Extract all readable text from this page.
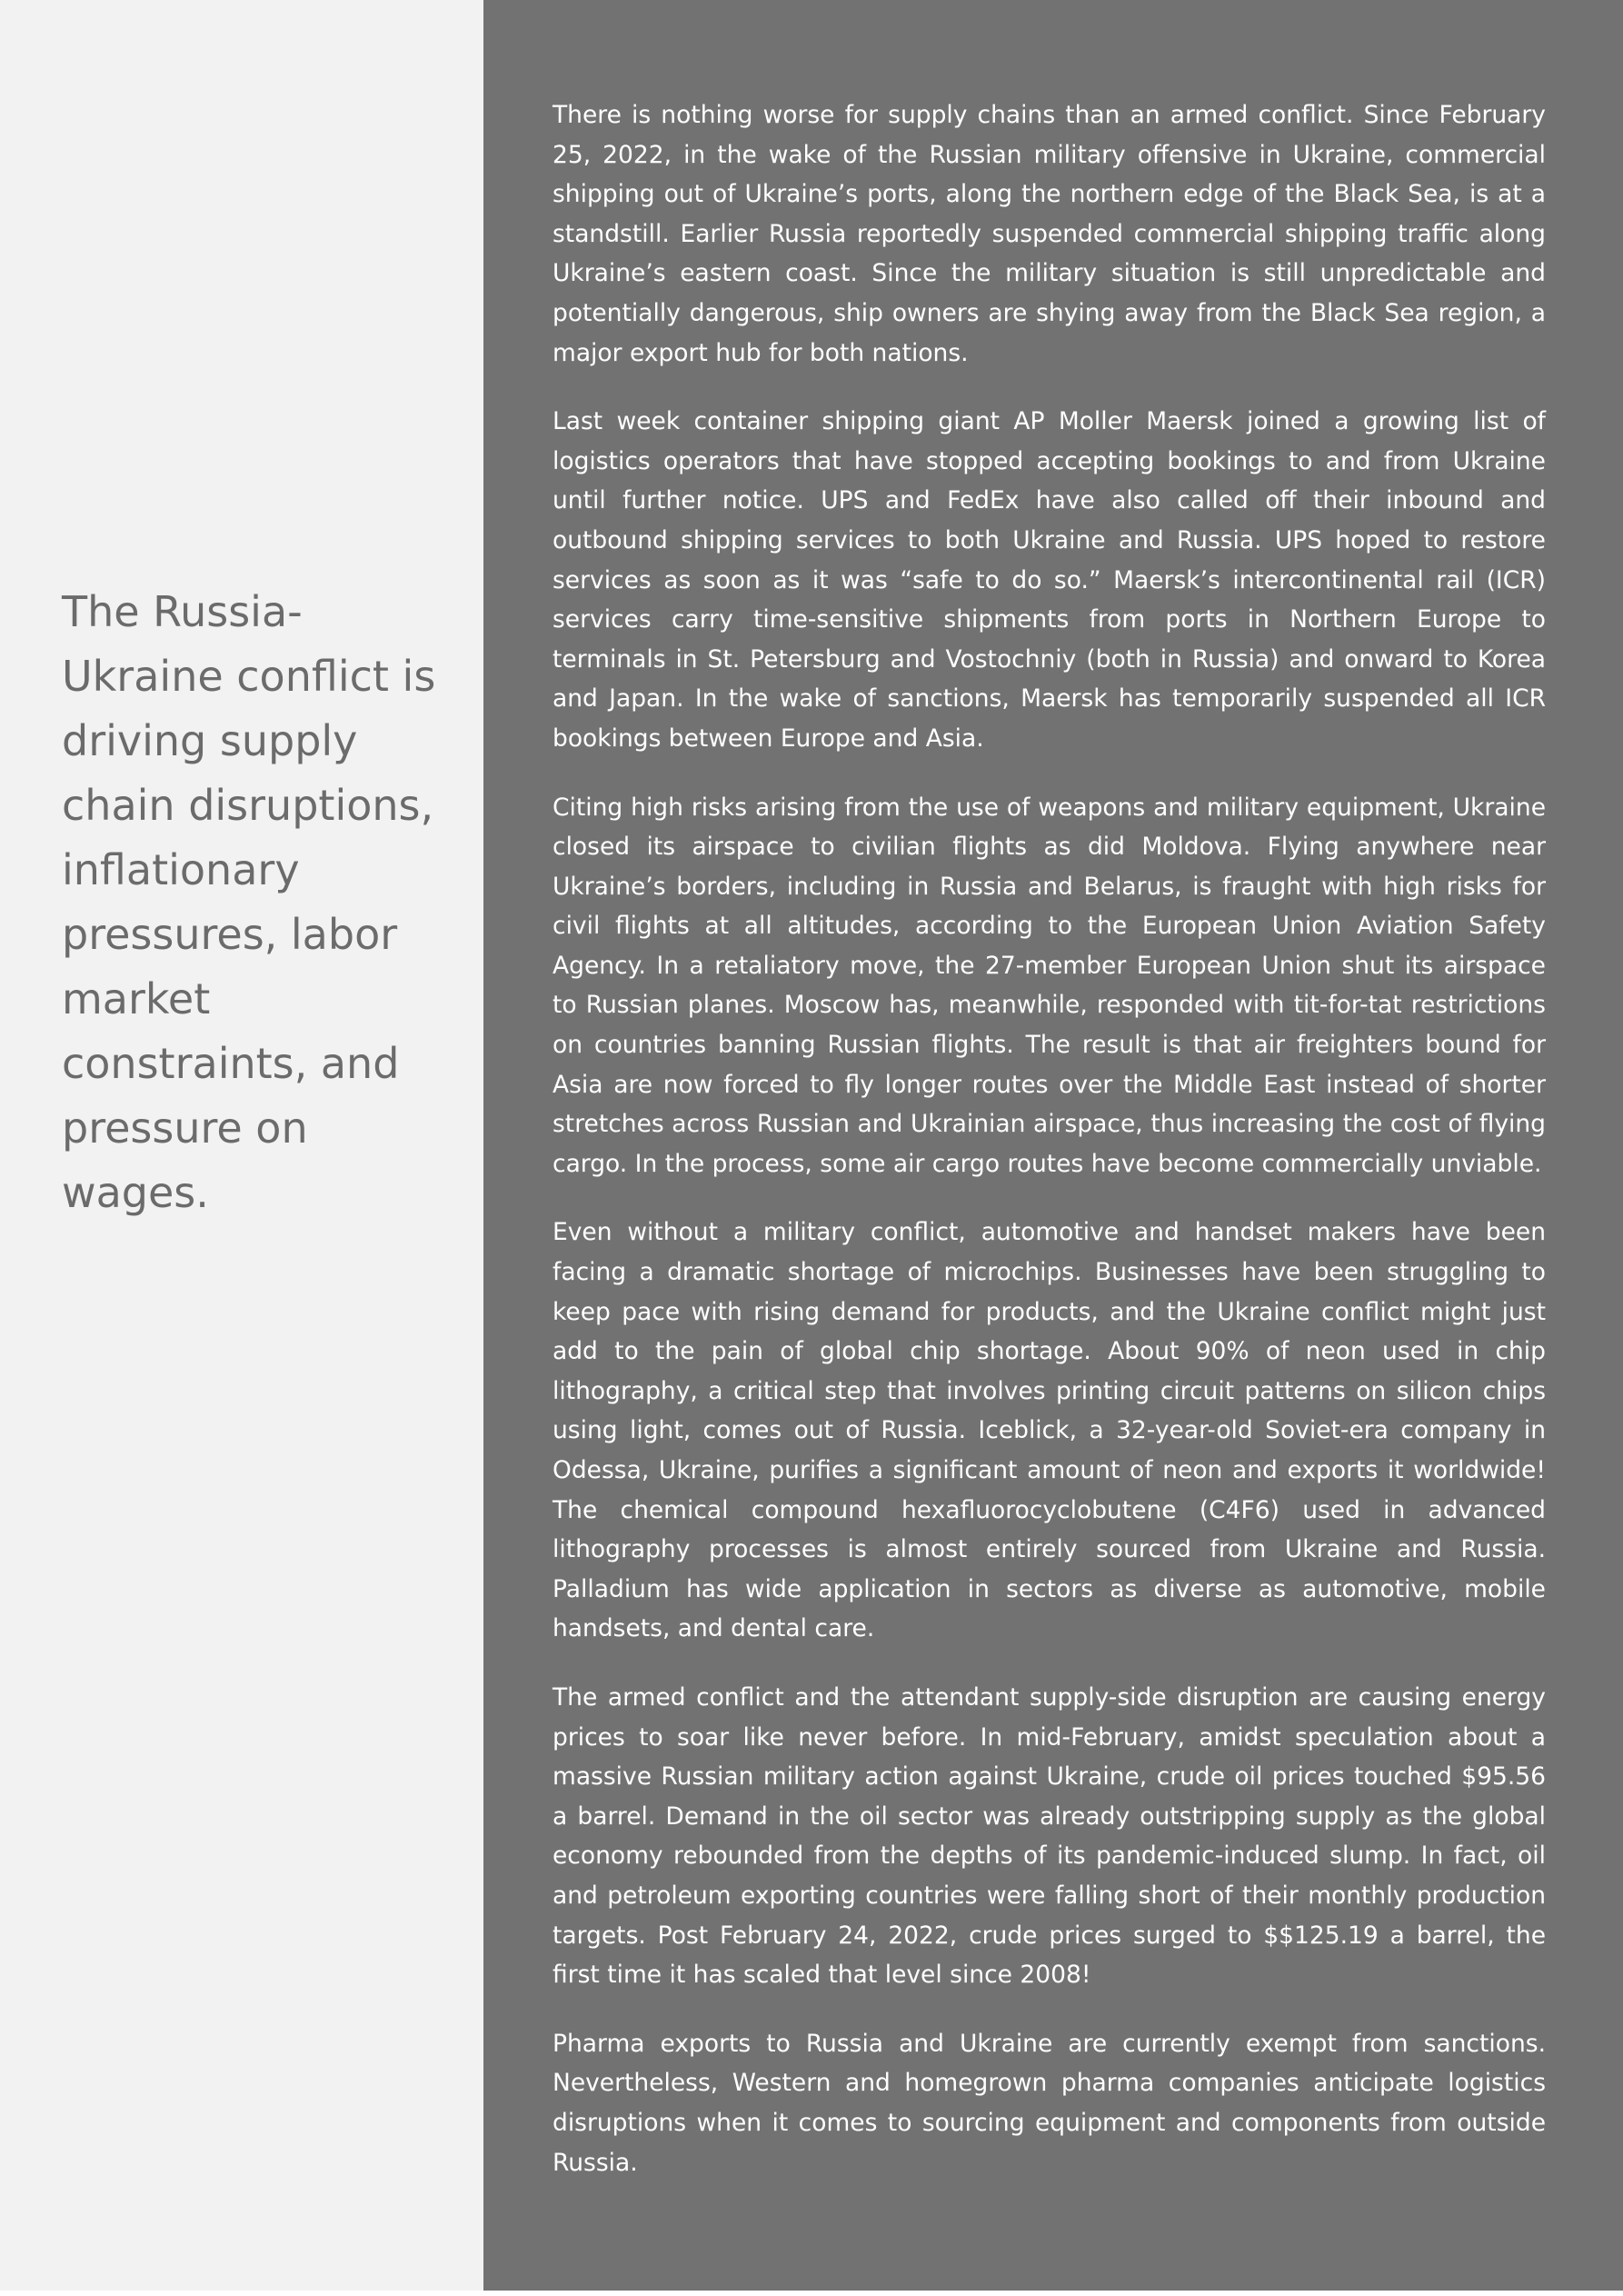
The Russia-Ukraine conflict is driving supply chain disruptions, inflationary pressures, labor market constraints, and pressure on wages.

There is nothing worse for supply chains than an armed conflict. Since February 25, 2022, in the wake of the Russian military offensive in Ukraine, commercial shipping out of Ukraine’s ports, along the northern edge of the Black Sea, is at a standstill. Earlier Russia reportedly suspended commercial shipping traffic along Ukraine’s eastern coast. Since the military situation is still unpredictable and potentially dangerous, ship owners are shying away from the Black Sea region, a major export hub for both nations.

Last week container shipping giant AP Moller Maersk joined a growing list of logistics operators that have stopped accepting bookings to and from Ukraine until further notice. UPS and FedEx have also called off their inbound and outbound shipping services to both Ukraine and Russia. UPS hoped to restore services as soon as it was “safe to do so.” Maersk’s intercontinental rail (ICR) services carry time-sensitive shipments from ports in Northern Europe to terminals in St. Petersburg and Vostochniy (both in Russia) and onward to Korea and Japan. In the wake of sanctions, Maersk has temporarily suspended all ICR bookings between Europe and Asia.

Citing high risks arising from the use of weapons and military equipment, Ukraine closed its airspace to civilian flights as did Moldova. Flying anywhere near Ukraine’s borders, including in Russia and Belarus, is fraught with high risks for civil flights at all altitudes, according to the European Union Aviation Safety Agency. In a retaliatory move, the 27-member European Union shut its airspace to Russian planes. Moscow has, meanwhile, responded with tit-for-tat restrictions on countries banning Russian flights. The result is that air freighters bound for Asia are now forced to fly longer routes over the Middle East instead of shorter stretches across Russian and Ukrainian airspace, thus increasing the cost of flying cargo. In the process, some air cargo routes have become commercially unviable.

Even without a military conflict, automotive and handset makers have been facing a dramatic shortage of microchips. Businesses have been struggling to keep pace with rising demand for products, and the Ukraine conflict might just add to the pain of global chip shortage. About 90% of neon used in chip lithography, a critical step that involves printing circuit patterns on silicon chips using light, comes out of Russia. Iceblick, a 32-year-old Soviet-era company in Odessa, Ukraine, purifies a significant amount of neon and exports it worldwide! The chemical compound hexafluorocyclobutene (C4F6) used in advanced lithography processes is almost entirely sourced from Ukraine and Russia. Palladium has wide application in sectors as diverse as automotive, mobile handsets, and dental care.

The armed conflict and the attendant supply-side disruption are causing energy prices to soar like never before. In mid-February, amidst speculation about a massive Russian military action against Ukraine, crude oil prices touched $95.56 a barrel. Demand in the oil sector was already outstripping supply as the global economy rebounded from the depths of its pandemic-induced slump. In fact, oil and petroleum exporting countries were falling short of their monthly production targets. Post February 24, 2022, crude prices surged to $$125.19 a barrel, the first time it has scaled that level since 2008!

Pharma exports to Russia and Ukraine are currently exempt from sanctions. Nevertheless, Western and homegrown pharma companies anticipate logistics disruptions when it comes to sourcing equipment and components from outside Russia.
